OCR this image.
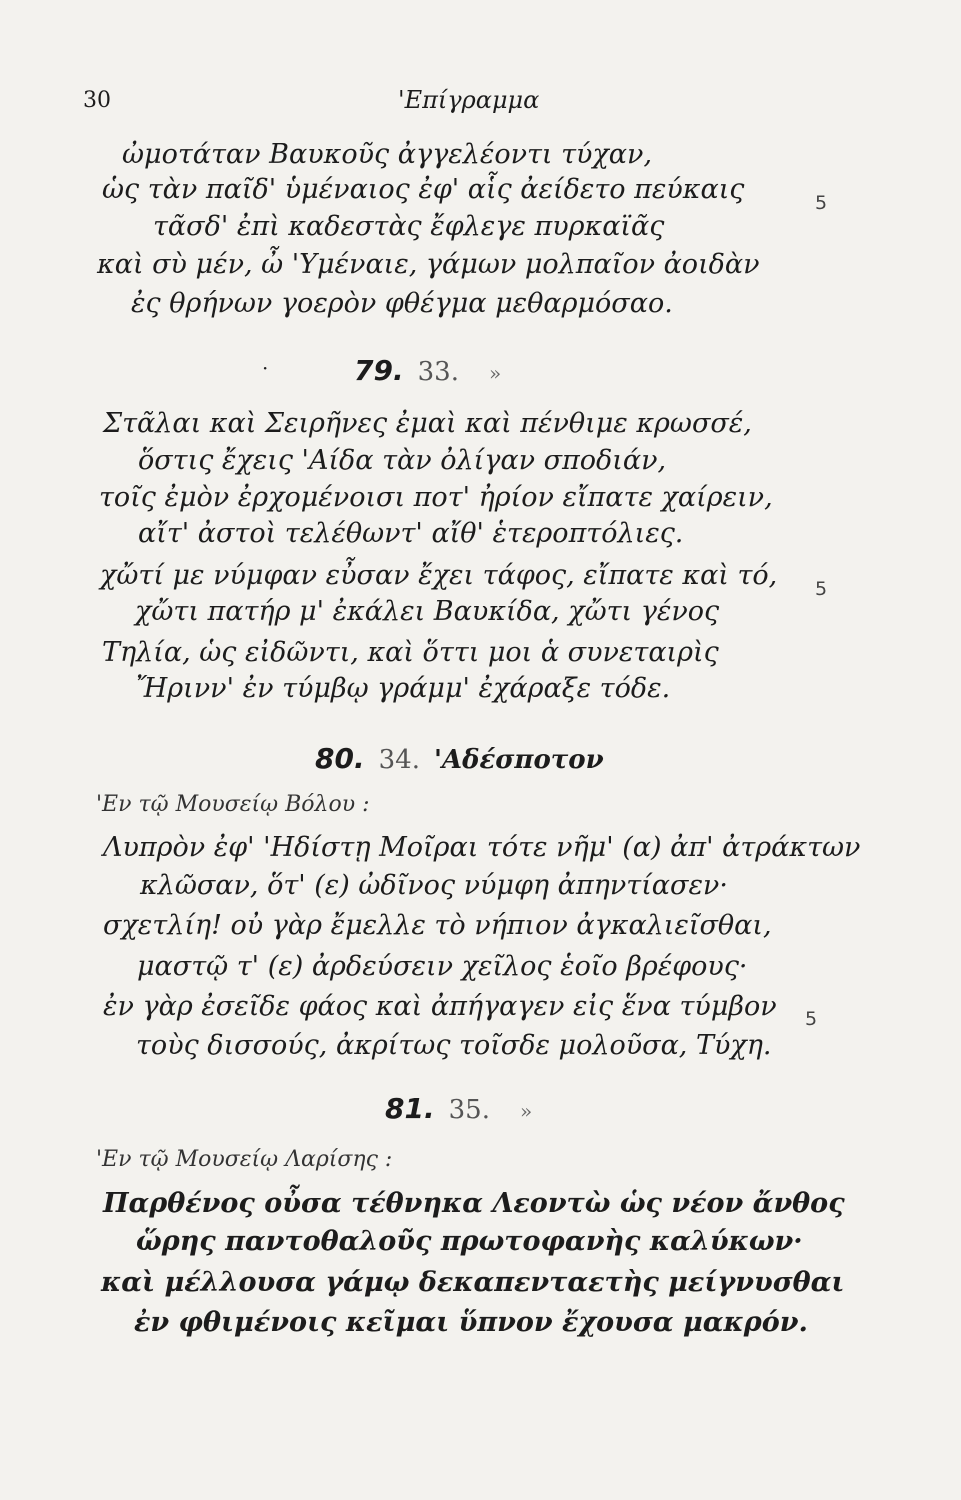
30	'Επίγραμμα
ὠμοτάταν Βαυκοῦς ἀγγελέοντι τύχαν,
ὡς τὰν παῖδ' ὑμέναιος ἐφ' αἷς ἀείδετο πεύκαις
τᾶσδ' ἐπὶ καδεστὰς ἔφλεγε πυρκαϊᾶς
καὶ σὺ μέν, ὦ 'Υμέναιε, γάμων μολπαῖον ἀοιδὰν
ἐς θρήνων γοερὸν φθέγμα μεθαρμόσαο.
5
·	79. 33. »
Στᾶλαι καὶ Σειρῆνες ἐμαὶ καὶ πένθιμε κρωσσέ,
ὅστις ἔχεις 'Αίδα τὰν ὀλίγαν σποδιάν,
τοῖς ἐμὸν ἐρχομένοισι ποτ' ἠρίον εἴπατε χαίρειν,
αἴτ' ἀστοὶ τελέθωντ' αἴθ' ἑτεροπτόλιες.
χὤτί με νύμφαν εὖσαν ἔχει τάφος, εἴπατε καὶ τό,
χὤτι πατήρ μ' ἐκάλει Βαυκίδα, χὤτι γένος
Τηλία, ὡς εἰδῶντι, καὶ ὅττι μοι ἁ συνεταιρὶς
Ἤρινν' ἐν τύμβῳ γράμμ' ἐχάραξε τόδε.
5
80. 34. 'Αδέσποτον
'Εν τῷ Μουσείῳ Βόλου :
Λυπρὸν ἐφ' 'Ηδίστῃ Μοῖραι τότε νῆμ' (α) ἀπ' ἀτράκτων
κλῶσαν, ὅτ' (ε) ὠδῖνος νύμφη ἀπηντίασεν·
σχετλίη! οὐ γὰρ ἔμελλε τὸ νήπιον ἀγκαλιεῖσθαι,
μαστῷ τ' (ε) ἀρδεύσειν χεῖλος ἑοῖο βρέφους·
ἐν γὰρ ἐσεῖδε φάος καὶ ἀπήγαγεν εἰς ἕνα τύμβον
τοὺς δισσούς, ἀκρίτως τοῖσδε μολοῦσα, Τύχη.
5
81. 35. »
'Εν τῷ Μουσείῳ Λαρίσης :
Παρθένος οὖσα τέθνηκα Λεοντὼ ὡς νέον ἄνθος
ὥρης παντοθαλοῦς πρωτοφανὴς καλύκων·
καὶ μέλλουσα γάμῳ δεκαπενταετὴς μείγνυσθαι
ἐν φθιμένοις κεῖμαι ὕπνον ἔχουσα μακρόν.
